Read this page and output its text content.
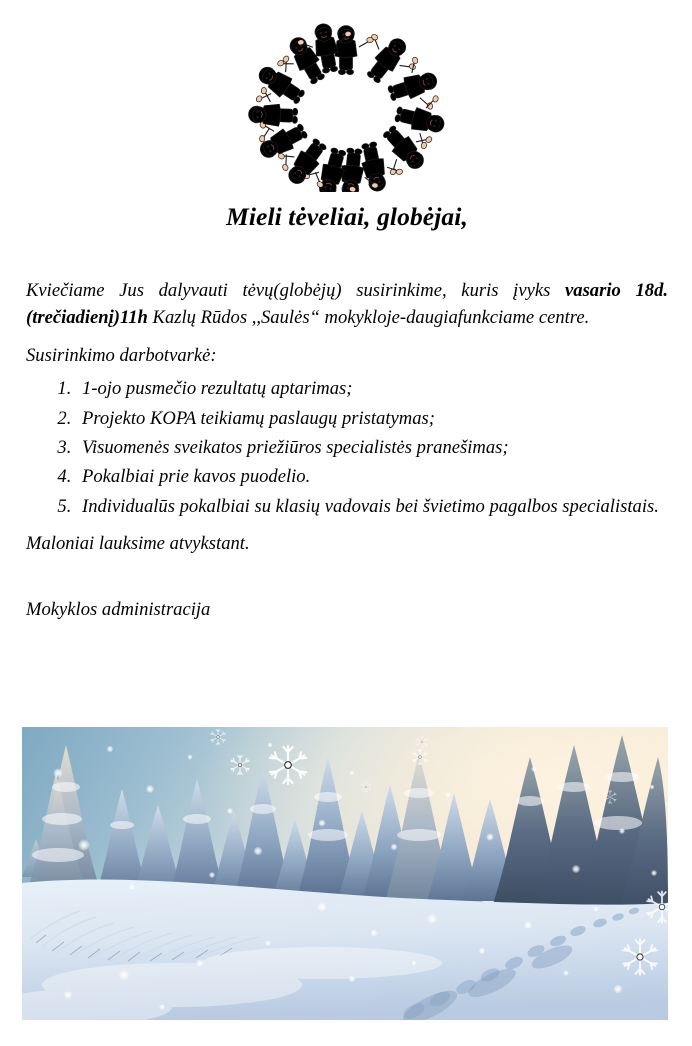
Mieli tėveliai, globėjai,

Kviečiame Jus dalyvauti tėvų(globėjų) susirinkime, kuris įvyks vasario 18d. (trečiadienį)11h Kazlų Rūdos ,,Saulės“ mokykloje-daugiafunkciame centre.

Susirinkimo darbotvarkė:

1. 1-ojo pusmečio rezultatų aptarimas;
2. Projekto KOPA teikiamų paslaugų pristatymas;
3. Visuomenės sveikatos priežiūros specialistės pranešimas;
4. Pokalbiai prie kavos puodelio.
5. Individualūs pokalbiai su klasių vadovais bei švietimo pagalbos specialistais.

Maloniai lauksime atvykstant.

Mokyklos administracija
